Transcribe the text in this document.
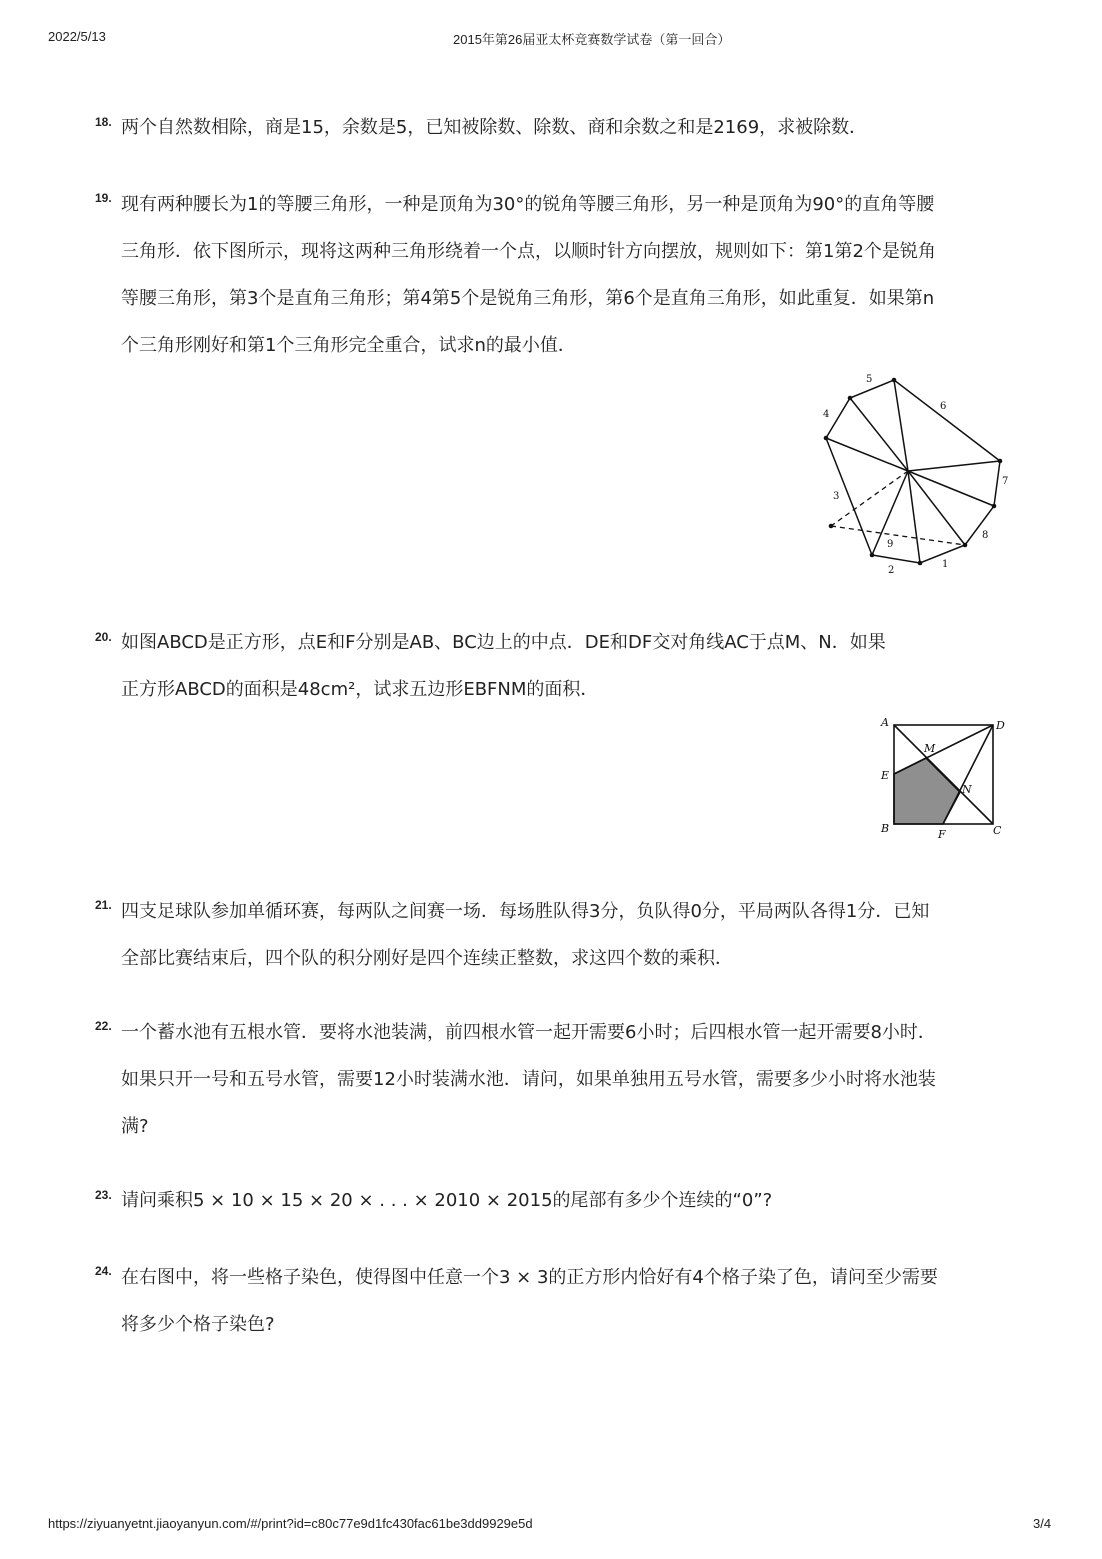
2022/5/13	2015年第26届亚太杯竞赛数学试卷（第一回合）
18. 两个自然数相除，商是15，余数是5，已知被除数、除数、商和余数之和是2169，求被除数．
19. 现有两种腰长为1的等腰三角形，一种是顶角为30°的锐角等腰三角形，另一种是顶角为90°的直角等腰
三角形．依下图所示，现将这两种三角形绕着一个点，以顺时针方向摆放，规则如下：第1第2个是锐角
等腰三角形，第3个是直角三角形；第4第5个是锐角三角形，第6个是直角三角形，如此重复．如果第n
个三角形刚好和第1个三角形完全重合，试求n的最小值．
1
2
3
4
5
6
7
8
9
20. 如图ABCD是正方形，点E和F分别是AB、BC边上的中点．DE和DF交对角线AC于点M、N．如果
正方形ABCD的面积是48cm²，试求五边形EBFNM的面积．
A	D
M
E
N
B	F	C
21. 四支足球队参加单循环赛，每两队之间赛一场．每场胜队得3分，负队得0分，平局两队各得1分．已知
全部比赛结束后，四个队的积分刚好是四个连续正整数，求这四个数的乘积．
22. 一个蓄水池有五根水管．要将水池装满，前四根水管一起开需要6小时；后四根水管一起开需要8小时．
如果只开一号和五号水管，需要12小时装满水池．请问，如果单独用五号水管，需要多少小时将水池装
满?
23. 请问乘积5 × 10 × 15 × 20 × . . . × 2010 × 2015的尾部有多少个连续的“0”?
24. 在右图中，将一些格子染色，使得图中任意一个3 × 3的正方形内恰好有4个格子染了色，请问至少需要
将多少个格子染色?
https://ziyuanyetnt.jiaoyanyun.com/#/print?id=c80c77e9d1fc430fac61be3dd9929e5d	3/4
